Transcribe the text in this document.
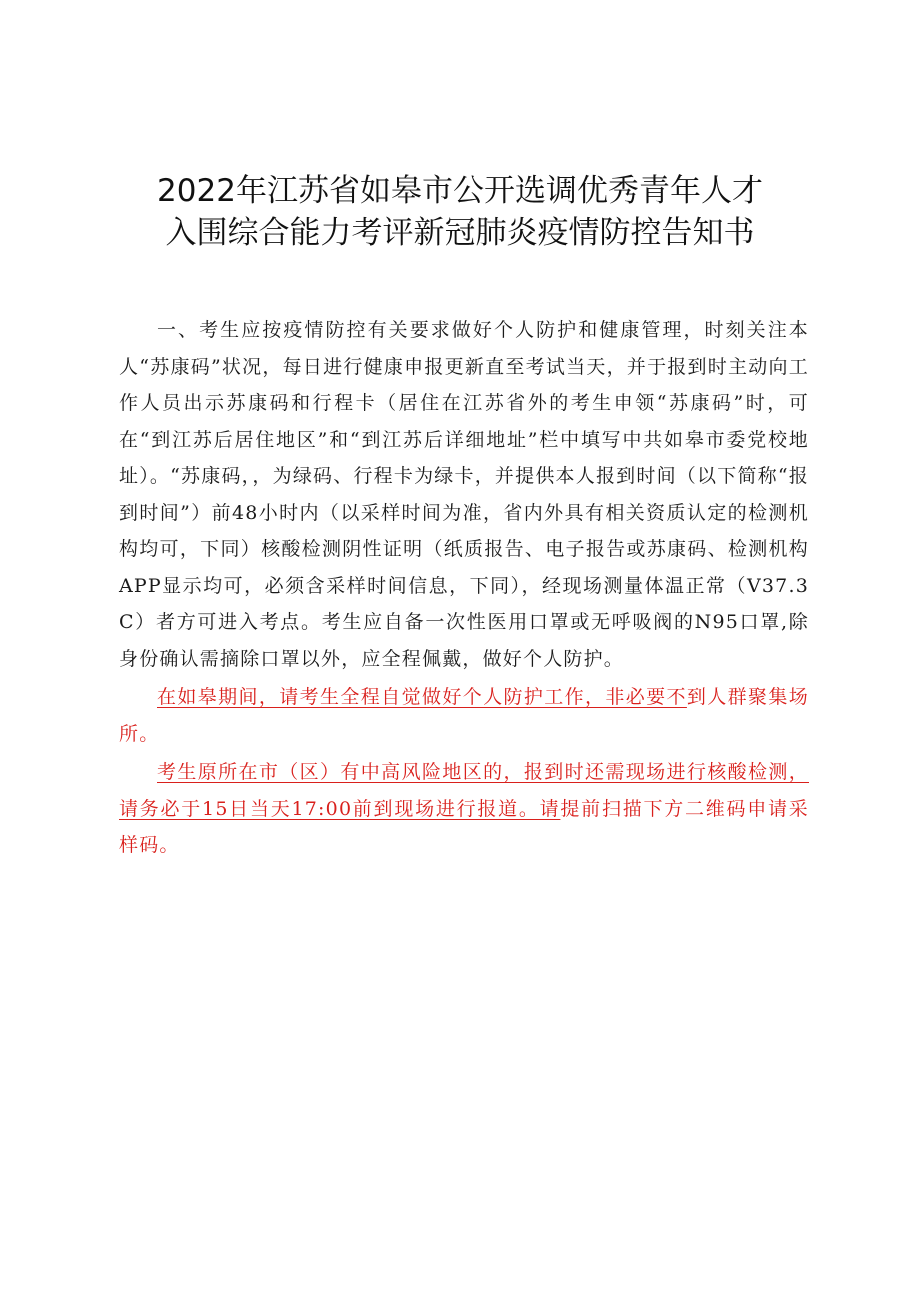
2022年江苏省如皋市公开选调优秀青年人才
入围综合能力考评新冠肺炎疫情防控告知书

一、考生应按疫情防控有关要求做好个人防护和健康管理，时刻关注本人“苏康码”状况，每日进行健康申报更新直至考试当天，并于报到时主动向工作人员出示苏康码和行程卡（居住在江苏省外的考生申领“苏康码”时，可在“到江苏后居住地区”和“到江苏后详细地址”栏中填写中共如皋市委党校地址）。“苏康码，，为绿码、行程卡为绿卡，并提供本人报到时间（以下简称“报到时间”）前48小时内（以采样时间为准，省内外具有相关资质认定的检测机构均可，下同）核酸检测阴性证明（纸质报告、电子报告或苏康码、检测机构APP显示均可，必须含采样时间信息，下同），经现场测量体温正常（V37.3C）者方可进入考点。考生应自备一次性医用口罩或无呼吸阀的N95口罩,除身份确认需摘除口罩以外，应全程佩戴，做好个人防护。

在如皋期间，请考生全程自觉做好个人防护工作，非必要不到人群聚集场所。

考生原所在市（区）有中高风险地区的，报到时还需现场进行核酸检测，请务必于15日当天17:00前到现场进行报道。请提前扫描下方二维码申请采样码。
